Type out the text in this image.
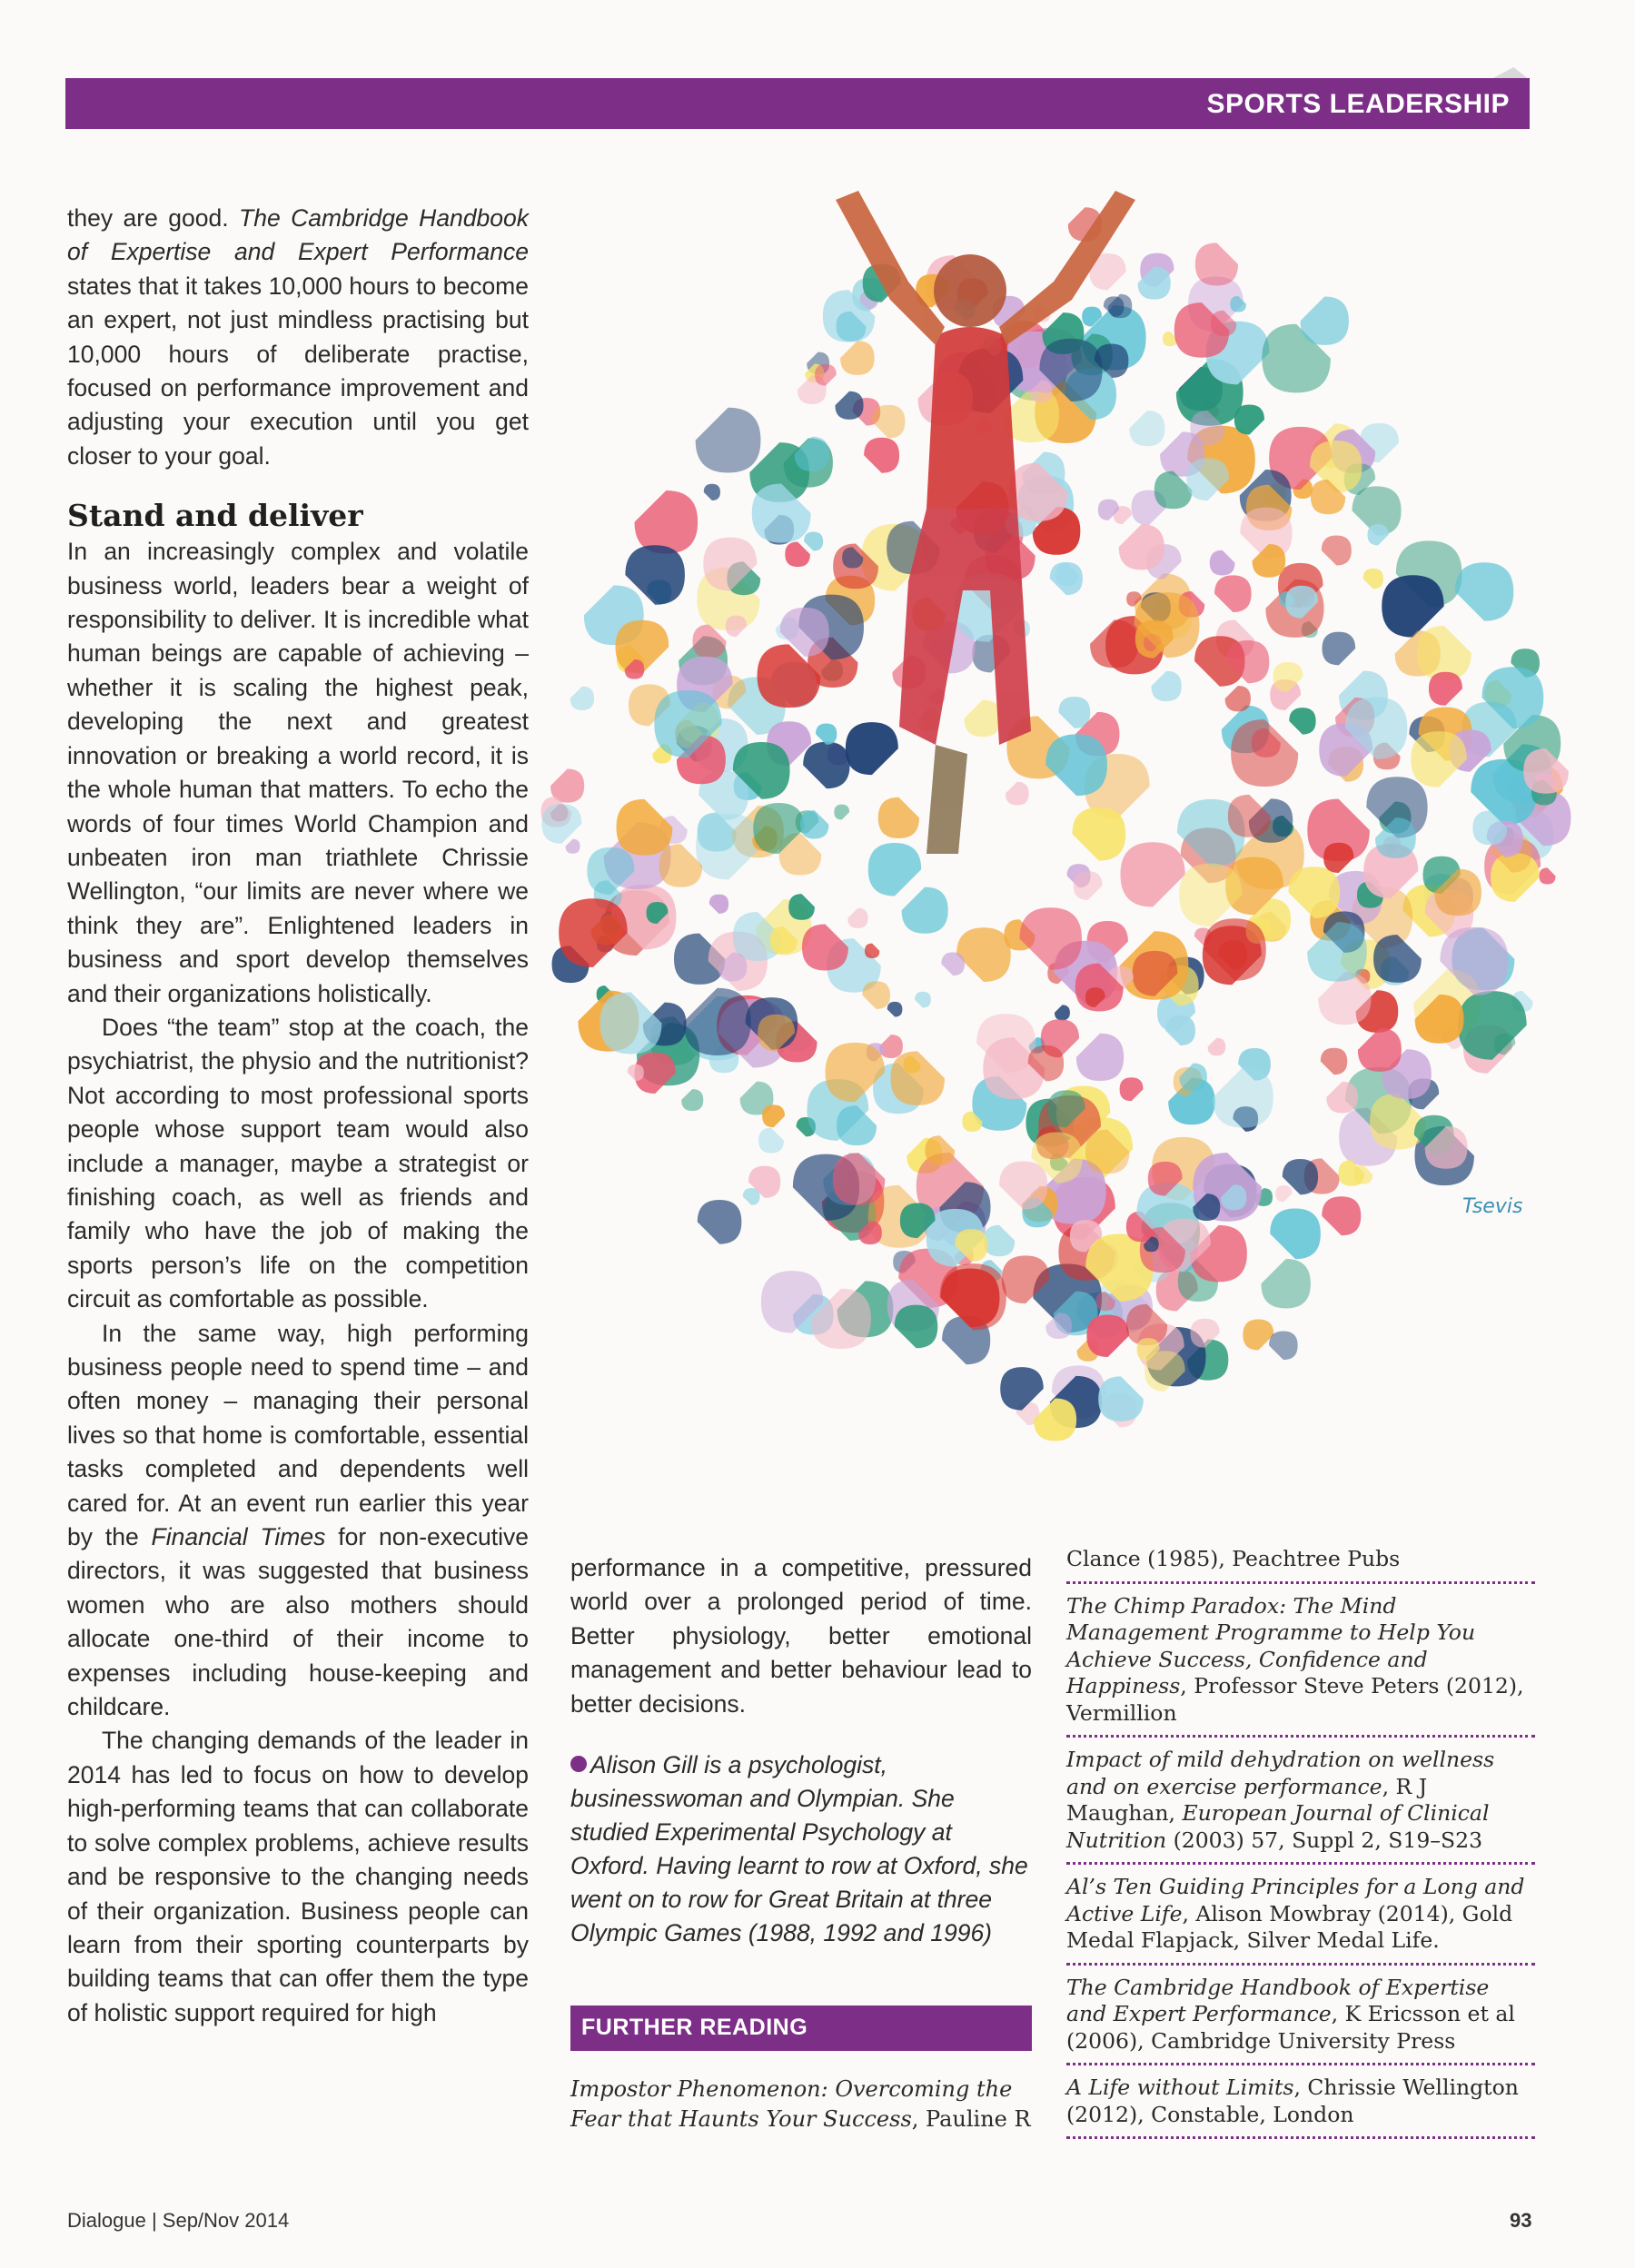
SPORTS LEADERSHIP

they are good. The Cambridge Handbook of Expertise and Expert Performance states that it takes 10,000 hours to become an expert, not just mindless practising but 10,000 hours of deliberate practise, focused on performance improvement and adjusting your execution until you get closer to your goal.

Stand and deliver

In an increasingly complex and volatile business world, leaders bear a weight of responsibility to deliver. It is incredible what human beings are capable of achieving – whether it is scaling the highest peak, developing the next and greatest innovation or breaking a world record, it is the whole human that matters. To echo the words of four times World Champion and unbeaten iron man triathlete Chrissie Wellington, “our limits are never where we think they are”. Enlightened leaders in business and sport develop themselves and their organizations holistically.

Does “the team” stop at the coach, the psychiatrist, the physio and the nutritionist? Not according to most professional sports people whose support team would also include a manager, maybe a strategist or finishing coach, as well as friends and family who have the job of making the sports person’s life on the competition circuit as comfortable as possible.

In the same way, high performing business people need to spend time – and often money – managing their personal lives so that home is comfortable, essential tasks completed and dependents well cared for. At an event run earlier this year by the Financial Times for non-executive directors, it was suggested that business women who are also mothers should allocate one-third of their income to expenses including house-keeping and childcare.

The changing demands of the leader in 2014 has led to focus on how to develop high-performing teams that can collaborate to solve complex problems, achieve results and be responsive to the changing needs of their organization. Business people can learn from their sporting counterparts by building teams that can offer them the type of holistic support required for high

Tsevis

performance in a competitive, pressured world over a prolonged period of time. Better physiology, better emotional management and better behaviour lead to better decisions.

Alison Gill is a psychologist, businesswoman and Olympian. She studied Experimental Psychology at Oxford. Having learnt to row at Oxford, she went on to row for Great Britain at three Olympic Games (1988, 1992 and 1996)

FURTHER READING
Impostor Phenomenon: Overcoming the Fear that Haunts Your Success, Pauline R
Clance (1985), Peachtree Pubs
The Chimp Paradox: The Mind Management Programme to Help You Achieve Success, Confidence and Happiness, Professor Steve Peters (2012), Vermillion
Impact of mild dehydration on wellness and on exercise performance, R J Maughan, European Journal of Clinical Nutrition (2003) 57, Suppl 2, S19–S23
Al’s Ten Guiding Principles for a Long and Active Life, Alison Mowbray (2014), Gold Medal Flapjack, Silver Medal Life.
The Cambridge Handbook of Expertise and Expert Performance, K Ericsson et al (2006), Cambridge University Press
A Life without Limits, Chrissie Wellington (2012), Constable, London
Dialogue | Sep/Nov 2014	93
